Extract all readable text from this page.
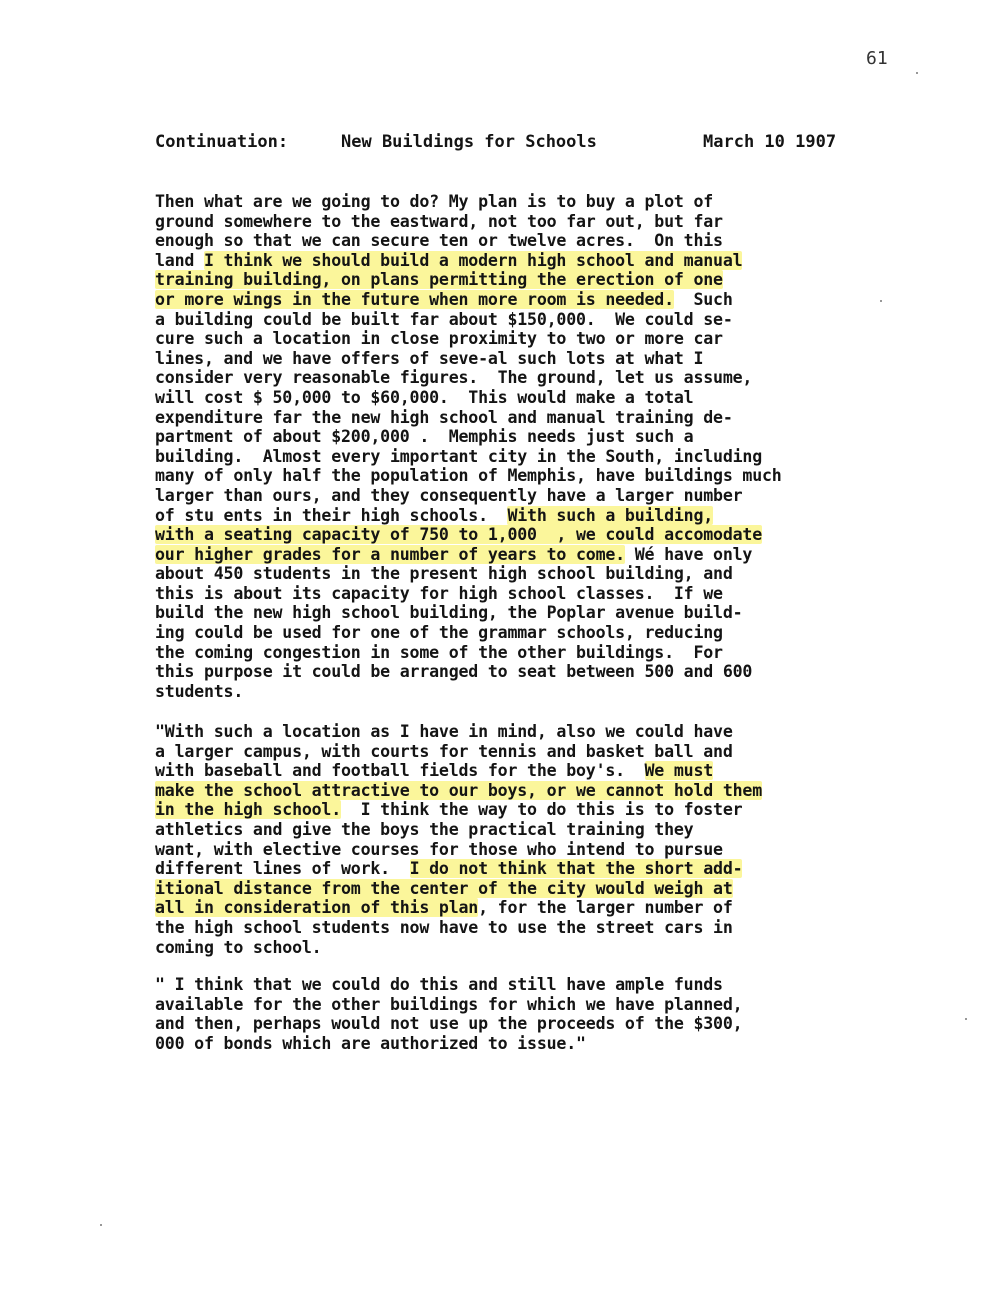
61

Continuation:

	New Buildings for Schools

	March 10 1907

Then what are we going to do? My plan is to buy a plot of
ground somewhere to the eastward, not too far out, but far
enough so that we can secure ten or twelve acres.  On this
land I think we should build a modern high school and manual
training building, on plans permitting the erection of one
or more wings in the future when more room is needed.  Such
a building could be built far about $150,000.  We could se-
cure such a location in close proximity to two or more car
lines, and we have offers of seve-al such lots at what I
consider very reasonable figures.  The ground, let us assume,
will cost $ 50,000 to $60,000.  This would make a total
expenditure far the new high school and manual training de-
partment of about $200,000 .  Memphis needs just such a
building.  Almost every important city in the South, including
many of only half the population of Memphis, have buildings much
larger than ours, and they consequently have a larger number
of stu ents in their high schools.  With such a building,
with a seating capacity of 750 to 1,000  , we could accomodate
our higher grades for a number of years to come. Wé have only
about 450 students in the present high school building, and
this is about its capacity for high school classes.  If we
build the new high school building, the Poplar avenue build-
ing could be used for one of the grammar schools, reducing
the coming congestion in some of the other buildings.  For
this purpose it could be arranged to seat between 500 and 600
students.
"With such a location as I have in mind, also we could have
a larger campus, with courts for tennis and basket ball and
with baseball and football fields for the boy's.  We must
make the school attractive to our boys, or we cannot hold them
in the high school.  I think the way to do this is to foster
athletics and give the boys the practical training they
want, with elective courses for those who intend to pursue
different lines of work.  I do not think that the short add-
itional distance from the center of the city would weigh at
all in consideration of this plan, for the larger number of
the high school students now have to use the street cars in
coming to school.
" I think that we could do this and still have ample funds
available for the other buildings for which we have planned,
and then, perhaps would not use up the proceeds of the $300,
000 of bonds which are authorized to issue."
